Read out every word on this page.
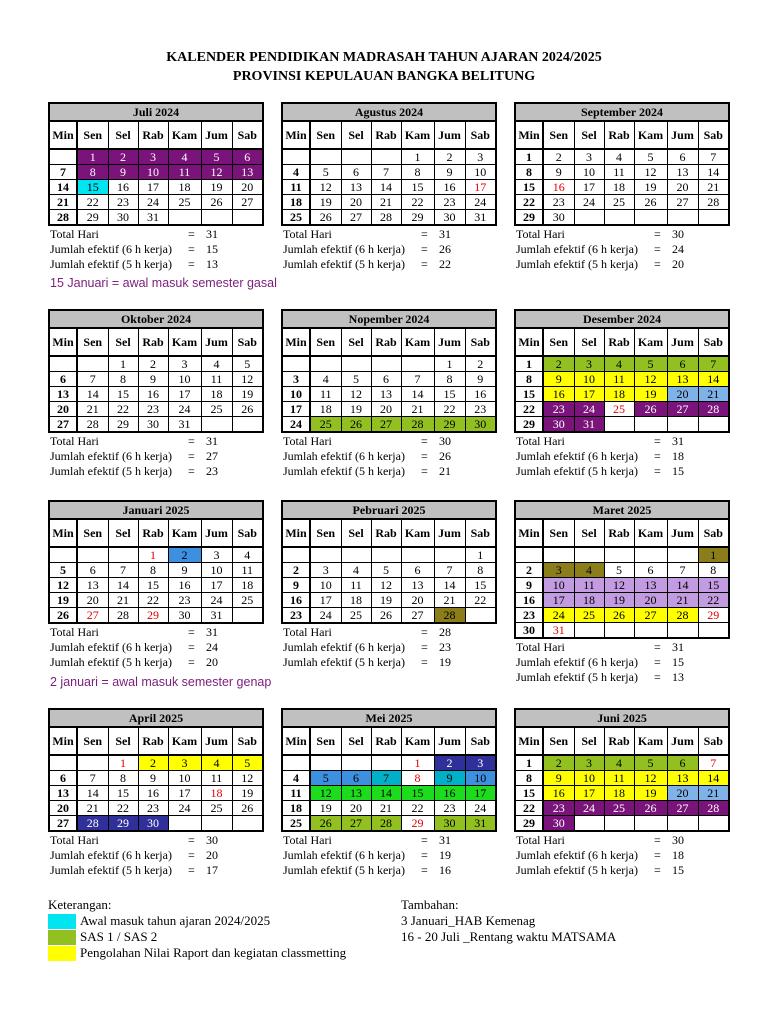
KALENDER PENDIDIKAN MADRASAH TAHUN AJARAN 2024/2025
PROVINSI KEPULAUAN BANGKA BELITUNG
Juli 2024						
Min	Sen	Sel	Rab	Kam	Jum	Sab
	1	2	3	4	5	6
7	8	9	10	11	12	13
14	15	16	17	18	19	20
21	22	23	24	25	26	27
28	29	30	31			
Total Hari	= 31
Jumlah efektif (6 h kerja) = 15
Jumlah efektif (5 h kerja) = 13
Agustus 2024						
Min	Sen	Sel	Rab	Kam	Jum	Sab
				1	2	3
4	5	6	7	8	9	10
11	12	13	14	15	16	17
18	19	20	21	22	23	24
25	26	27	28	29	30	31
Total Hari	= 31
Jumlah efektif (6 h kerja) = 26
Jumlah efektif (5 h kerja) = 22
September 2024						
Min	Sen	Sel	Rab	Kam	Jum	Sab
1	2	3	4	5	6	7
8	9	10	11	12	13	14
15	16	17	18	19	20	21
22	23	24	25	26	27	28
29	30					
Total Hari	= 30
Jumlah efektif (6 h kerja) = 24
Jumlah efektif (5 h kerja) = 20
Oktober 2024						
Min	Sen	Sel	Rab	Kam	Jum	Sab
		1	2	3	4	5
6	7	8	9	10	11	12
13	14	15	16	17	18	19
20	21	22	23	24	25	26
27	28	29	30	31		
Total Hari	= 31
Jumlah efektif (6 h kerja) = 27
Jumlah efektif (5 h kerja) = 23
Nopember 2024						
Min	Sen	Sel	Rab	Kam	Jum	Sab
					1	2
3	4	5	6	7	8	9
10	11	12	13	14	15	16
17	18	19	20	21	22	23
24	25	26	27	28	29	30
Total Hari	= 30
Jumlah efektif (6 h kerja) = 26
Jumlah efektif (5 h kerja) = 21
Desember 2024						
Min	Sen	Sel	Rab	Kam	Jum	Sab
1	2	3	4	5	6	7
8	9	10	11	12	13	14
15	16	17	18	19	20	21
22	23	24	25	26	27	28
29	30	31				
Total Hari	= 31
Jumlah efektif (6 h kerja) = 18
Jumlah efektif (5 h kerja) = 15
Januari 2025						
Min	Sen	Sel	Rab	Kam	Jum	Sab
			1	2	3	4
5	6	7	8	9	10	11
12	13	14	15	16	17	18
19	20	21	22	23	24	25
26	27	28	29	30	31	
Total Hari	= 31
Jumlah efektif (6 h kerja) = 24
Jumlah efektif (5 h kerja) = 20
Pebruari 2025						
Min	Sen	Sel	Rab	Kam	Jum	Sab
						1
2	3	4	5	6	7	8
9	10	11	12	13	14	15
16	17	18	19	20	21	22
23	24	25	26	27	28	
Total Hari	= 28
Jumlah efektif (6 h kerja) = 23
Jumlah efektif (5 h kerja) = 19
Maret 2025						
Min	Sen	Sel	Rab	Kam	Jum	Sab
						1
2	3	4	5	6	7	8
9	10	11	12	13	14	15
16	17	18	19	20	21	22
23	24	25	26	27	28	29
30	31					
Total Hari	= 31
Jumlah efektif (6 h kerja) = 15
Jumlah efektif (5 h kerja) = 13
April 2025						
Min	Sen	Sel	Rab	Kam	Jum	Sab
		1	2	3	4	5
6	7	8	9	10	11	12
13	14	15	16	17	18	19
20	21	22	23	24	25	26
27	28	29	30			
Total Hari	= 30
Jumlah efektif (6 h kerja) = 20
Jumlah efektif (5 h kerja) = 17
Mei 2025						
Min	Sen	Sel	Rab	Kam	Jum	Sab
				1	2	3
4	5	6	7	8	9	10
11	12	13	14	15	16	17
18	19	20	21	22	23	24
25	26	27	28	29	30	31
Total Hari	= 31
Jumlah efektif (6 h kerja) = 19
Jumlah efektif (5 h kerja) = 16
Juni 2025						
Min	Sen	Sel	Rab	Kam	Jum	Sab
1	2	3	4	5	6	7
8	9	10	11	12	13	14
15	16	17	18	19	20	21
22	23	24	25	26	27	28
29	30					
Total Hari	= 30
Jumlah efektif (6 h kerja) = 18
Jumlah efektif (5 h kerja) = 15
15 Januari = awal masuk semester gasal
2 januari = awal masuk semester genap
Keterangan:
Awal masuk tahun ajaran 2024/2025
SAS 1 / SAS 2
Pengolahan Nilai Raport dan kegiatan classmetting
Tambahan:
3 Januari_HAB Kemenag
16 - 20 Juli _Rentang waktu MATSAMA
